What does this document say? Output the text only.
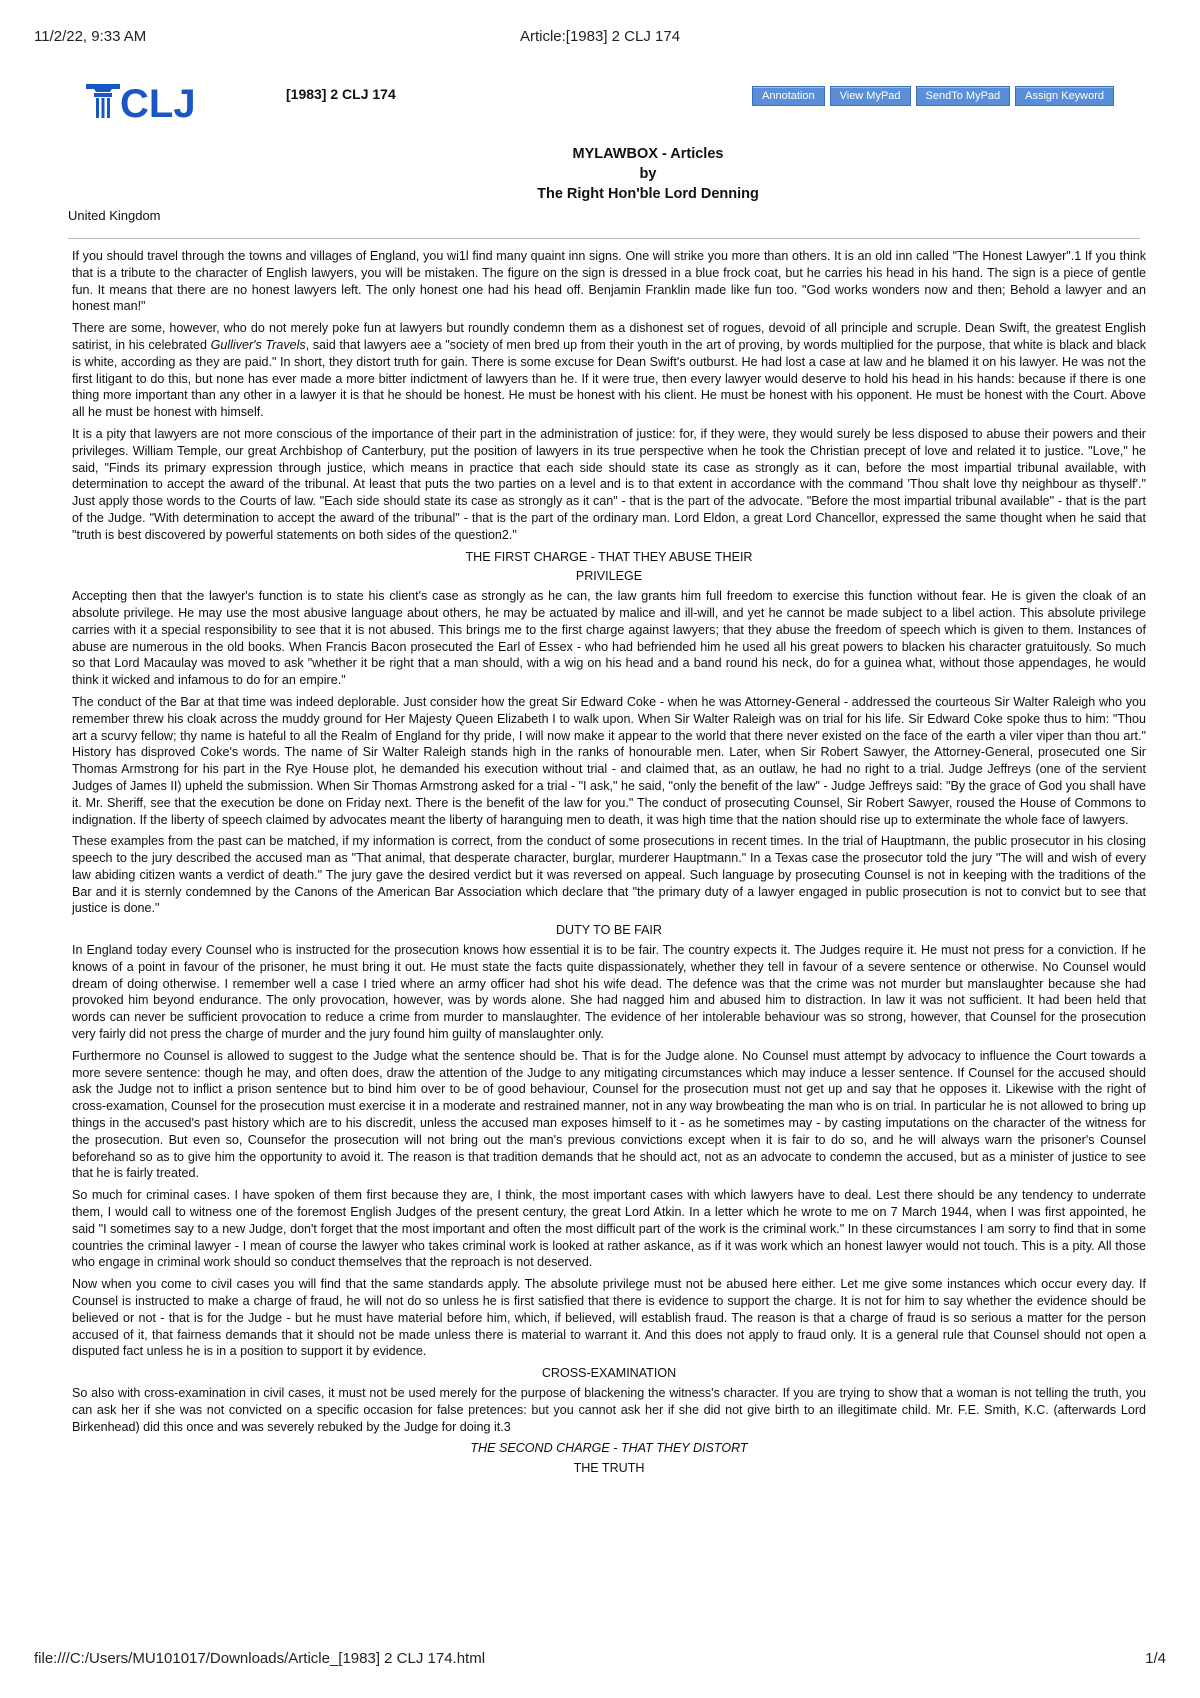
11/2/22, 9:33 AM	Article:[1983] 2 CLJ 174
CLJ	[1983] 2 CLJ 174	Annotation	View MyPad	SendTo MyPad	Assign Keyword
MYLAWBOX - Articles
by
The Right Hon'ble Lord Denning
United Kingdom

If you should travel through the towns and villages of England, you wi1l find many quaint inn signs. One will strike you more than others. It is an old inn called "The Honest Lawyer".1 If you think that is a tribute to the character of English lawyers, you will be mistaken. The figure on the sign is dressed in a blue frock coat, but he carries his head in his hand. The sign is a piece of gentle fun. It means that there are no honest lawyers left. The only honest one had his head off. Benjamin Franklin made like fun too. "God works wonders now and then; Behold a lawyer and an honest man!"

There are some, however, who do not merely poke fun at lawyers but roundly condemn them as a dishonest set of rogues, devoid of all principle and scruple. Dean Swift, the greatest English satirist, in his celebrated Gulliver's Travels, said that lawyers aee a "society of men bred up from their youth in the art of proving, by words multiplied for the purpose, that white is black and black is white, according as they are paid." In short, they distort truth for gain. There is some excuse for Dean Swift's outburst. He had lost a case at law and he blamed it on his lawyer. He was not the first litigant to do this, but none has ever made a more bitter indictment of lawyers than he. If it were true, then every lawyer would deserve to hold his head in his hands: because if there is one thing more important than any other in a lawyer it is that he should be honest. He must be honest with his client. He must be honest with his opponent. He must be honest with the Court. Above all he must be honest with himself.

It is a pity that lawyers are not more conscious of the importance of their part in the administration of justice: for, if they were, they would surely be less disposed to abuse their powers and their privileges. William Temple, our great Archbishop of Canterbury, put the position of lawyers in its true perspective when he took the Christian precept of love and related it to justice. "Love," he said, "Finds its primary expression through justice, which means in practice that each side should state its case as strongly as it can, before the most impartial tribunal available, with determination to accept the award of the tribunal. At least that puts the two parties on a level and is to that extent in accordance with the command 'Thou shalt love thy neighbour as thyself'." Just apply those words to the Courts of law. "Each side should state its case as strongly as it can" - that is the part of the advocate. "Before the most impartial tribunal available" - that is the part of the Judge. "With determination to accept the award of the tribunal" - that is the part of the ordinary man. Lord Eldon, a great Lord Chancellor, expressed the same thought when he said that "truth is best discovered by powerful statements on both sides of the question2."

THE FIRST CHARGE - THAT THEY ABUSE THEIR
PRIVILEGE

Accepting then that the lawyer's function is to state his client's case as strongly as he can, the law grants him full freedom to exercise this function without fear. He is given the cloak of an absolute privilege. He may use the most abusive language about others, he may be actuated by malice and ill-will, and yet he cannot be made subject to a libel action. This absolute privilege carries with it a special responsibility to see that it is not abused. This brings me to the first charge against lawyers; that they abuse the freedom of speech which is given to them. Instances of abuse are numerous in the old books. When Francis Bacon prosecuted the Earl of Essex - who had befriended him he used all his great powers to blacken his character gratuitously. So much so that Lord Macaulay was moved to ask "whether it be right that a man should, with a wig on his head and a band round his neck, do for a guinea what, without those appendages, he would think it wicked and infamous to do for an empire."

The conduct of the Bar at that time was indeed deplorable. Just consider how the great Sir Edward Coke - when he was Attorney-General - addressed the courteous Sir Walter Raleigh who you remember threw his cloak across the muddy ground for Her Majesty Queen Elizabeth I to walk upon. When Sir Walter Raleigh was on trial for his life. Sir Edward Coke spoke thus to him: "Thou art a scurvy fellow; thy name is hateful to all the Realm of England for thy pride, I will now make it appear to the world that there never existed on the face of the earth a viler viper than thou art." History has disproved Coke's words. The name of Sir Walter Raleigh stands high in the ranks of honourable men. Later, when Sir Robert Sawyer, the Attorney-General, prosecuted one Sir Thomas Armstrong for his part in the Rye House plot, he demanded his execution without trial - and claimed that, as an outlaw, he had no right to a trial. Judge Jeffreys (one of the servient Judges of James II) upheld the submission. When Sir Thomas Armstrong asked for a trial - "I ask," he said, "only the benefit of the law" - Judge Jeffreys said: "By the grace of God you shall have it. Mr. Sheriff, see that the execution be done on Friday next. There is the benefit of the law for you." The conduct of prosecuting Counsel, Sir Robert Sawyer, roused the House of Commons to indignation. If the liberty of speech claimed by advocates meant the liberty of haranguing men to death, it was high time that the nation should rise up to exterminate the whole face of lawyers.

These examples from the past can be matched, if my information is correct, from the conduct of some prosecutions in recent times. In the trial of Hauptmann, the public prosecutor in his closing speech to the jury described the accused man as "That animal, that desperate character, burglar, murderer Hauptmann." In a Texas case the prosecutor told the jury "The will and wish of every law abiding citizen wants a verdict of death." The jury gave the desired verdict but it was reversed on appeal. Such language by prosecuting Counsel is not in keeping with the traditions of the Bar and it is sternly condemned by the Canons of the American Bar Association which declare that "the primary duty of a lawyer engaged in public prosecution is not to convict but to see that justice is done."

DUTY TO BE FAIR

In England today every Counsel who is instructed for the prosecution knows how essential it is to be fair. The country expects it. The Judges require it. He must not press for a conviction. If he knows of a point in favour of the prisoner, he must bring it out. He must state the facts quite dispassionately, whether they tell in favour of a severe sentence or otherwise. No Counsel would dream of doing otherwise. I remember well a case I tried where an army officer had shot his wife dead. The defence was that the crime was not murder but manslaughter because she had provoked him beyond endurance. The only provocation, however, was by words alone. She had nagged him and abused him to distraction. In law it was not sufficient. It had been held that words can never be sufficient provocation to reduce a crime from murder to manslaughter. The evidence of her intolerable behaviour was so strong, however, that Counsel for the prosecution very fairly did not press the charge of murder and the jury found him guilty of manslaughter only.

Furthermore no Counsel is allowed to suggest to the Judge what the sentence should be. That is for the Judge alone. No Counsel must attempt by advocacy to influence the Court towards a more severe sentence: though he may, and often does, draw the attention of the Judge to any mitigating circumstances which may induce a lesser sentence. If Counsel for the accused should ask the Judge not to inflict a prison sentence but to bind him over to be of good behaviour, Counsel for the prosecution must not get up and say that he opposes it. Likewise with the right of cross-examation, Counsel for the prosecution must exercise it in a moderate and restrained manner, not in any way browbeating the man who is on trial. In particular he is not allowed to bring up things in the accused's past history which are to his discredit, unless the accused man exposes himself to it - as he sometimes may - by casting imputations on the character of the witness for the prosecution. But even so, Counsefor the prosecution will not bring out the man's previous convictions except when it is fair to do so, and he will always warn the prisoner's Counsel beforehand so as to give him the opportunity to avoid it. The reason is that tradition demands that he should act, not as an advocate to condemn the accused, but as a minister of justice to see that he is fairly treated.

So much for criminal cases. I have spoken of them first because they are, I think, the most important cases with which lawyers have to deal. Lest there should be any tendency to underrate them, I would call to witness one of the foremost English Judges of the present century, the great Lord Atkin. In a letter which he wrote to me on 7 March 1944, when I was first appointed, he said "I sometimes say to a new Judge, don't forget that the most important and often the most difficult part of the work is the criminal work." In these circumstances I am sorry to find that in some countries the criminal lawyer - I mean of course the lawyer who takes criminal work is looked at rather askance, as if it was work which an honest lawyer would not touch. This is a pity. All those who engage in criminal work should so conduct themselves that the reproach is not deserved.

Now when you come to civil cases you will find that the same standards apply. The absolute privilege must not be abused here either. Let me give some instances which occur every day. If Counsel is instructed to make a charge of fraud, he will not do so unless he is first satisfied that there is evidence to support the charge. It is not for him to say whether the evidence should be believed or not - that is for the Judge - but he must have material before him, which, if believed, will establish fraud. The reason is that a charge of fraud is so serious a matter for the person accused of it, that fairness demands that it should not be made unless there is material to warrant it. And this does not apply to fraud only. It is a general rule that Counsel should not open a disputed fact unless he is in a position to support it by evidence.

CROSS-EXAMINATION

So also with cross-examination in civil cases, it must not be used merely for the purpose of blackening the witness's character. If you are trying to show that a woman is not telling the truth, you can ask her if she was not convicted on a specific occasion for false pretences: but you cannot ask her if she did not give birth to an illegitimate child. Mr. F.E. Smith, K.C. (afterwards Lord Birkenhead) did this once and was severely rebuked by the Judge for doing it.3

THE SECOND CHARGE - THAT THEY DISTORT
THE TRUTH
file:///C:/Users/MU101017/Downloads/Article_[1983] 2 CLJ 174.html	1/4
